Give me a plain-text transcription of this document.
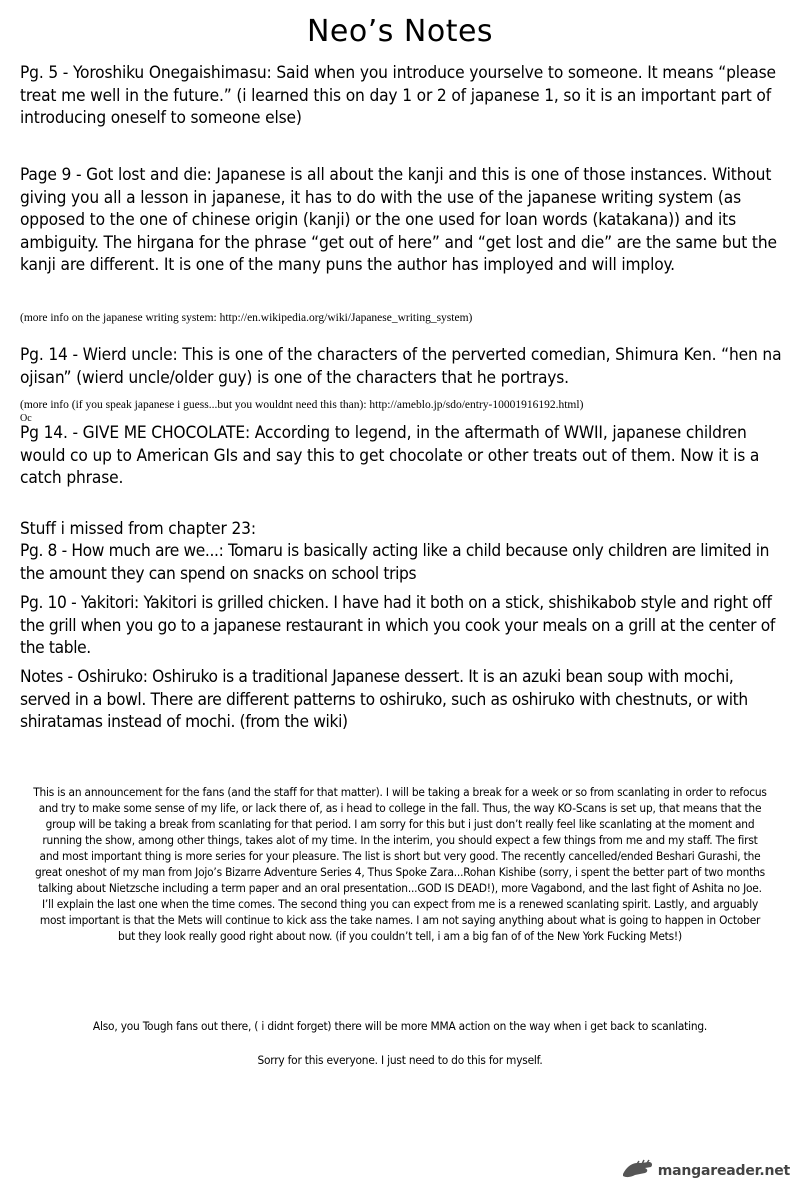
Neo’s Notes

Pg. 5 - Yoroshiku Onegaishimasu: Said when you introduce yourselve to someone. It means “please treat me well in the future.” (i learned this on day 1 or 2 of japanese 1, so it is an important part of introducing oneself to someone else)

Page 9 - Got lost and die: Japanese is all about the kanji and this is one of those instances. Without giving you all a lesson in japanese, it has to do with the use of the japanese writing system (as opposed to the one of chinese origin (kanji) or the one used for loan words (katakana)) and its ambiguity. The hirgana for the phrase “get out of here” and “get lost and die” are the same but the kanji are different. It is one of the many puns the author has imployed and will imploy.

(more info on the japanese writing system: http://en.wikipedia.org/wiki/Japanese_writing_system)

Pg. 14 - Wierd uncle: This is one of the characters of the perverted comedian, Shimura Ken. “hen na ojisan” (wierd uncle/older guy) is one of the characters that he portrays.

(more info (if you speak japanese i guess...but you wouldnt need this than): http://ameblo.jp/sdo/entry-10001916192.html)

Oc

Pg 14. - GIVE ME CHOCOLATE: According to legend, in the aftermath of WWII, japanese children would co up to American GIs and say this to get chocolate or other treats out of them. Now it is a catch phrase.

Stuff i missed from chapter 23:

Pg. 8 - How much are we...: Tomaru is basically acting like a child because only children are limited in the amount they can spend on snacks on school trips

Pg. 10 - Yakitori: Yakitori is grilled chicken. I have had it both on a stick, shishikabob style and right off the grill when you go to a japanese restaurant in which you cook your meals on a grill at the center of the table.

Notes - Oshiruko: Oshiruko is a traditional Japanese dessert. It is an azuki bean soup with mochi, served in a bowl. There are different patterns to oshiruko, such as oshiruko with chestnuts, or with shiratamas instead of mochi. (from the wiki)

This is an announcement for the fans (and the staff for that matter). I will be taking a break for a week or so from scanlating in order to refocus and try to make some sense of my life, or lack there of, as i head to college in the fall. Thus, the way KO-Scans is set up, that means that the group will be taking a break from scanlating for that period. I am sorry for this but i just don’t really feel like scanlating at the moment and running the show, among other things, takes alot of my time. In the interim, you should expect a few things from me and my staff. The first and most important thing is more series for your pleasure. The list is short but very good. The recently cancelled/ended Beshari Gurashi, the great oneshot of my man from Jojo’s Bizarre Adventure Series 4, Thus Spoke Zara...Rohan Kishibe (sorry, i spent the better part of two months talking about Nietzsche including a term paper and an oral presentation...GOD IS DEAD!), more Vagabond, and the last fight of Ashita no Joe. I’ll explain the last one when the time comes. The second thing you can expect from me is a renewed scanlating spirit. Lastly, and arguably most important is that the Mets will continue to kick ass the take names. I am not saying anything about what is going to happen in October but they look really good right about now. (if you couldn’t tell, i am a big fan of of the New York Fucking Mets!)

Also, you Tough fans out there, ( i didnt forget) there will be more MMA action on the way when i get back to scanlating.

Sorry for this everyone. I just need to do this for myself.

mangareader.net
